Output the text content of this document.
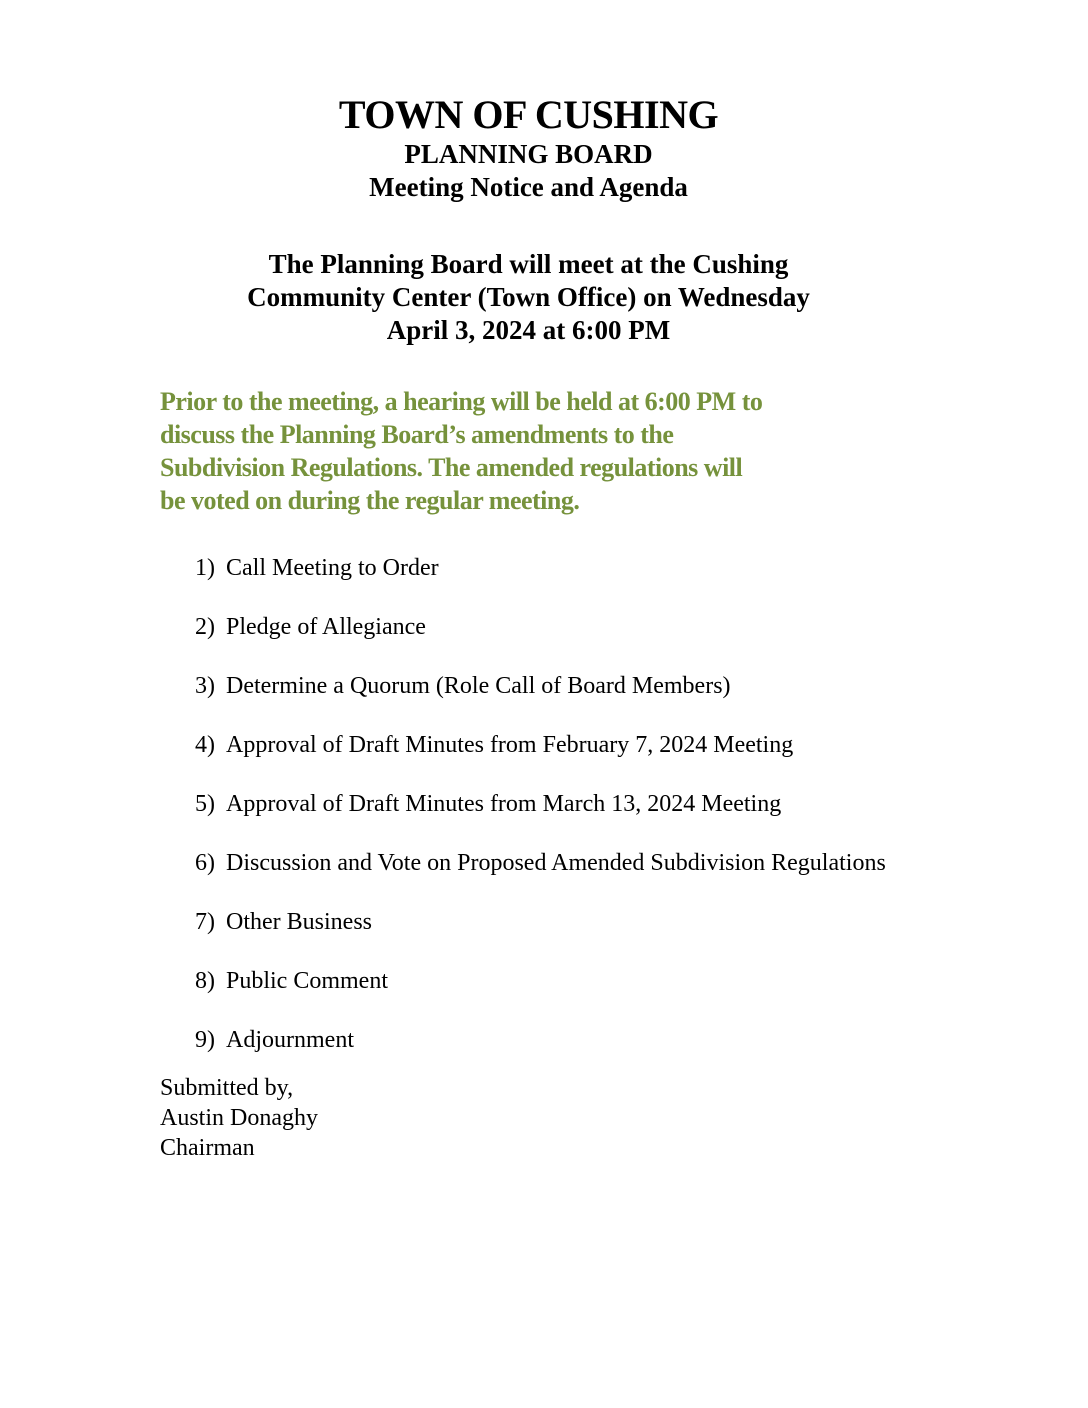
TOWN OF CUSHING
PLANNING BOARD
Meeting Notice and Agenda
The Planning Board will meet at the Cushing
Community Center (Town Office) on Wednesday
April 3, 2024 at 6:00 PM
Prior to the meeting, a hearing will be held at 6:00 PM to
discuss the Planning Board’s amendments to the
Subdivision Regulations. The amended regulations will
be voted on during the regular meeting.
1) Call Meeting to Order
2) Pledge of Allegiance
3) Determine a Quorum (Role Call of Board Members)
4) Approval of Draft Minutes from February 7, 2024 Meeting
5) Approval of Draft Minutes from March 13, 2024 Meeting
6) Discussion and Vote on Proposed Amended Subdivision Regulations
7) Other Business
8) Public Comment
9) Adjournment
Submitted by,
Austin Donaghy
Chairman
